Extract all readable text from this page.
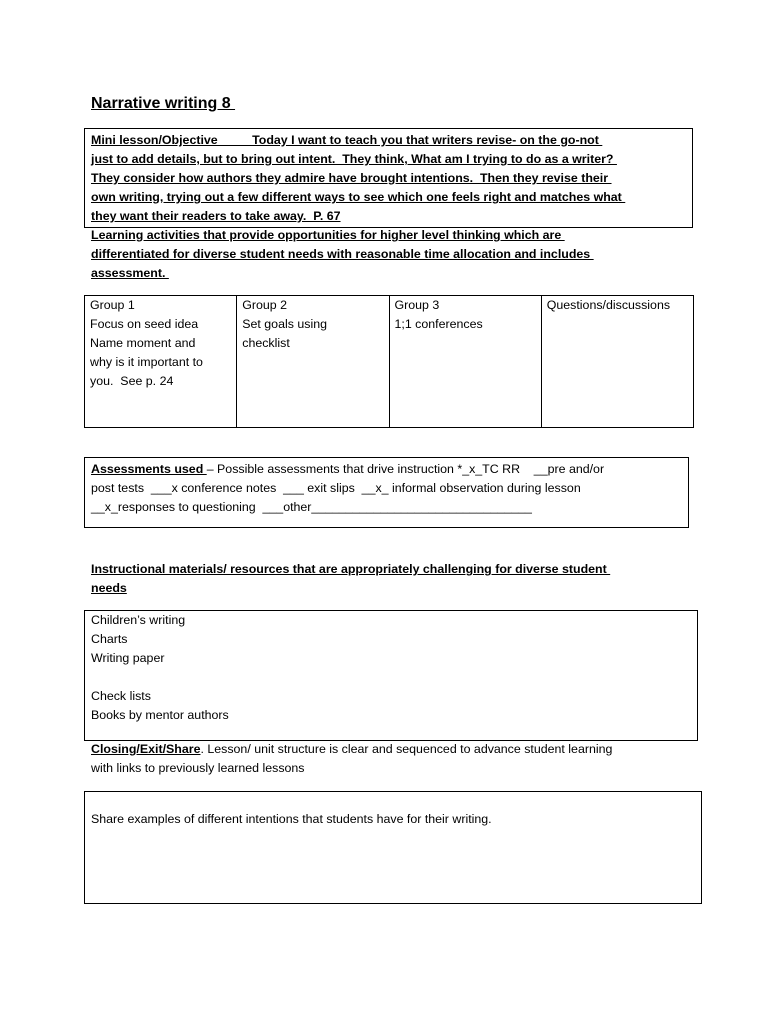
Narrative writing 8
Mini lesson/Objective          Today I want to teach you that writers revise- on the go-not
just to add details, but to bring out intent.  They think, What am I trying to do as a writer?
They consider how authors they admire have brought intentions.  Then they revise their
own writing, trying out a few different ways to see which one feels right and matches what
they want their readers to take away.  P. 67
Learning activities that provide opportunities for higher level thinking which are
differentiated for diverse student needs with reasonable time allocation and includes
assessment.
Group 1
Focus on seed idea
Name moment and
why is it important to
you.  See p. 24

Group 2
Set goals using
checklist

Group 3
1;1 conferences

Questions/discussions
Assessments used – Possible assessments that drive instruction *_x_TC RR    __pre and/or
post tests  ___x conference notes  ___ exit slips  __x_ informal observation during lesson
__x_responses to questioning  ___other________________________________
Instructional materials/ resources that are appropriately challenging for diverse student
needs
Children’s writing
Charts
Writing paper
Check lists
Books by mentor authors
Closing/Exit/Share. Lesson/ unit structure is clear and sequenced to advance student learning
with links to previously learned lessons
Share examples of different intentions that students have for their writing.
